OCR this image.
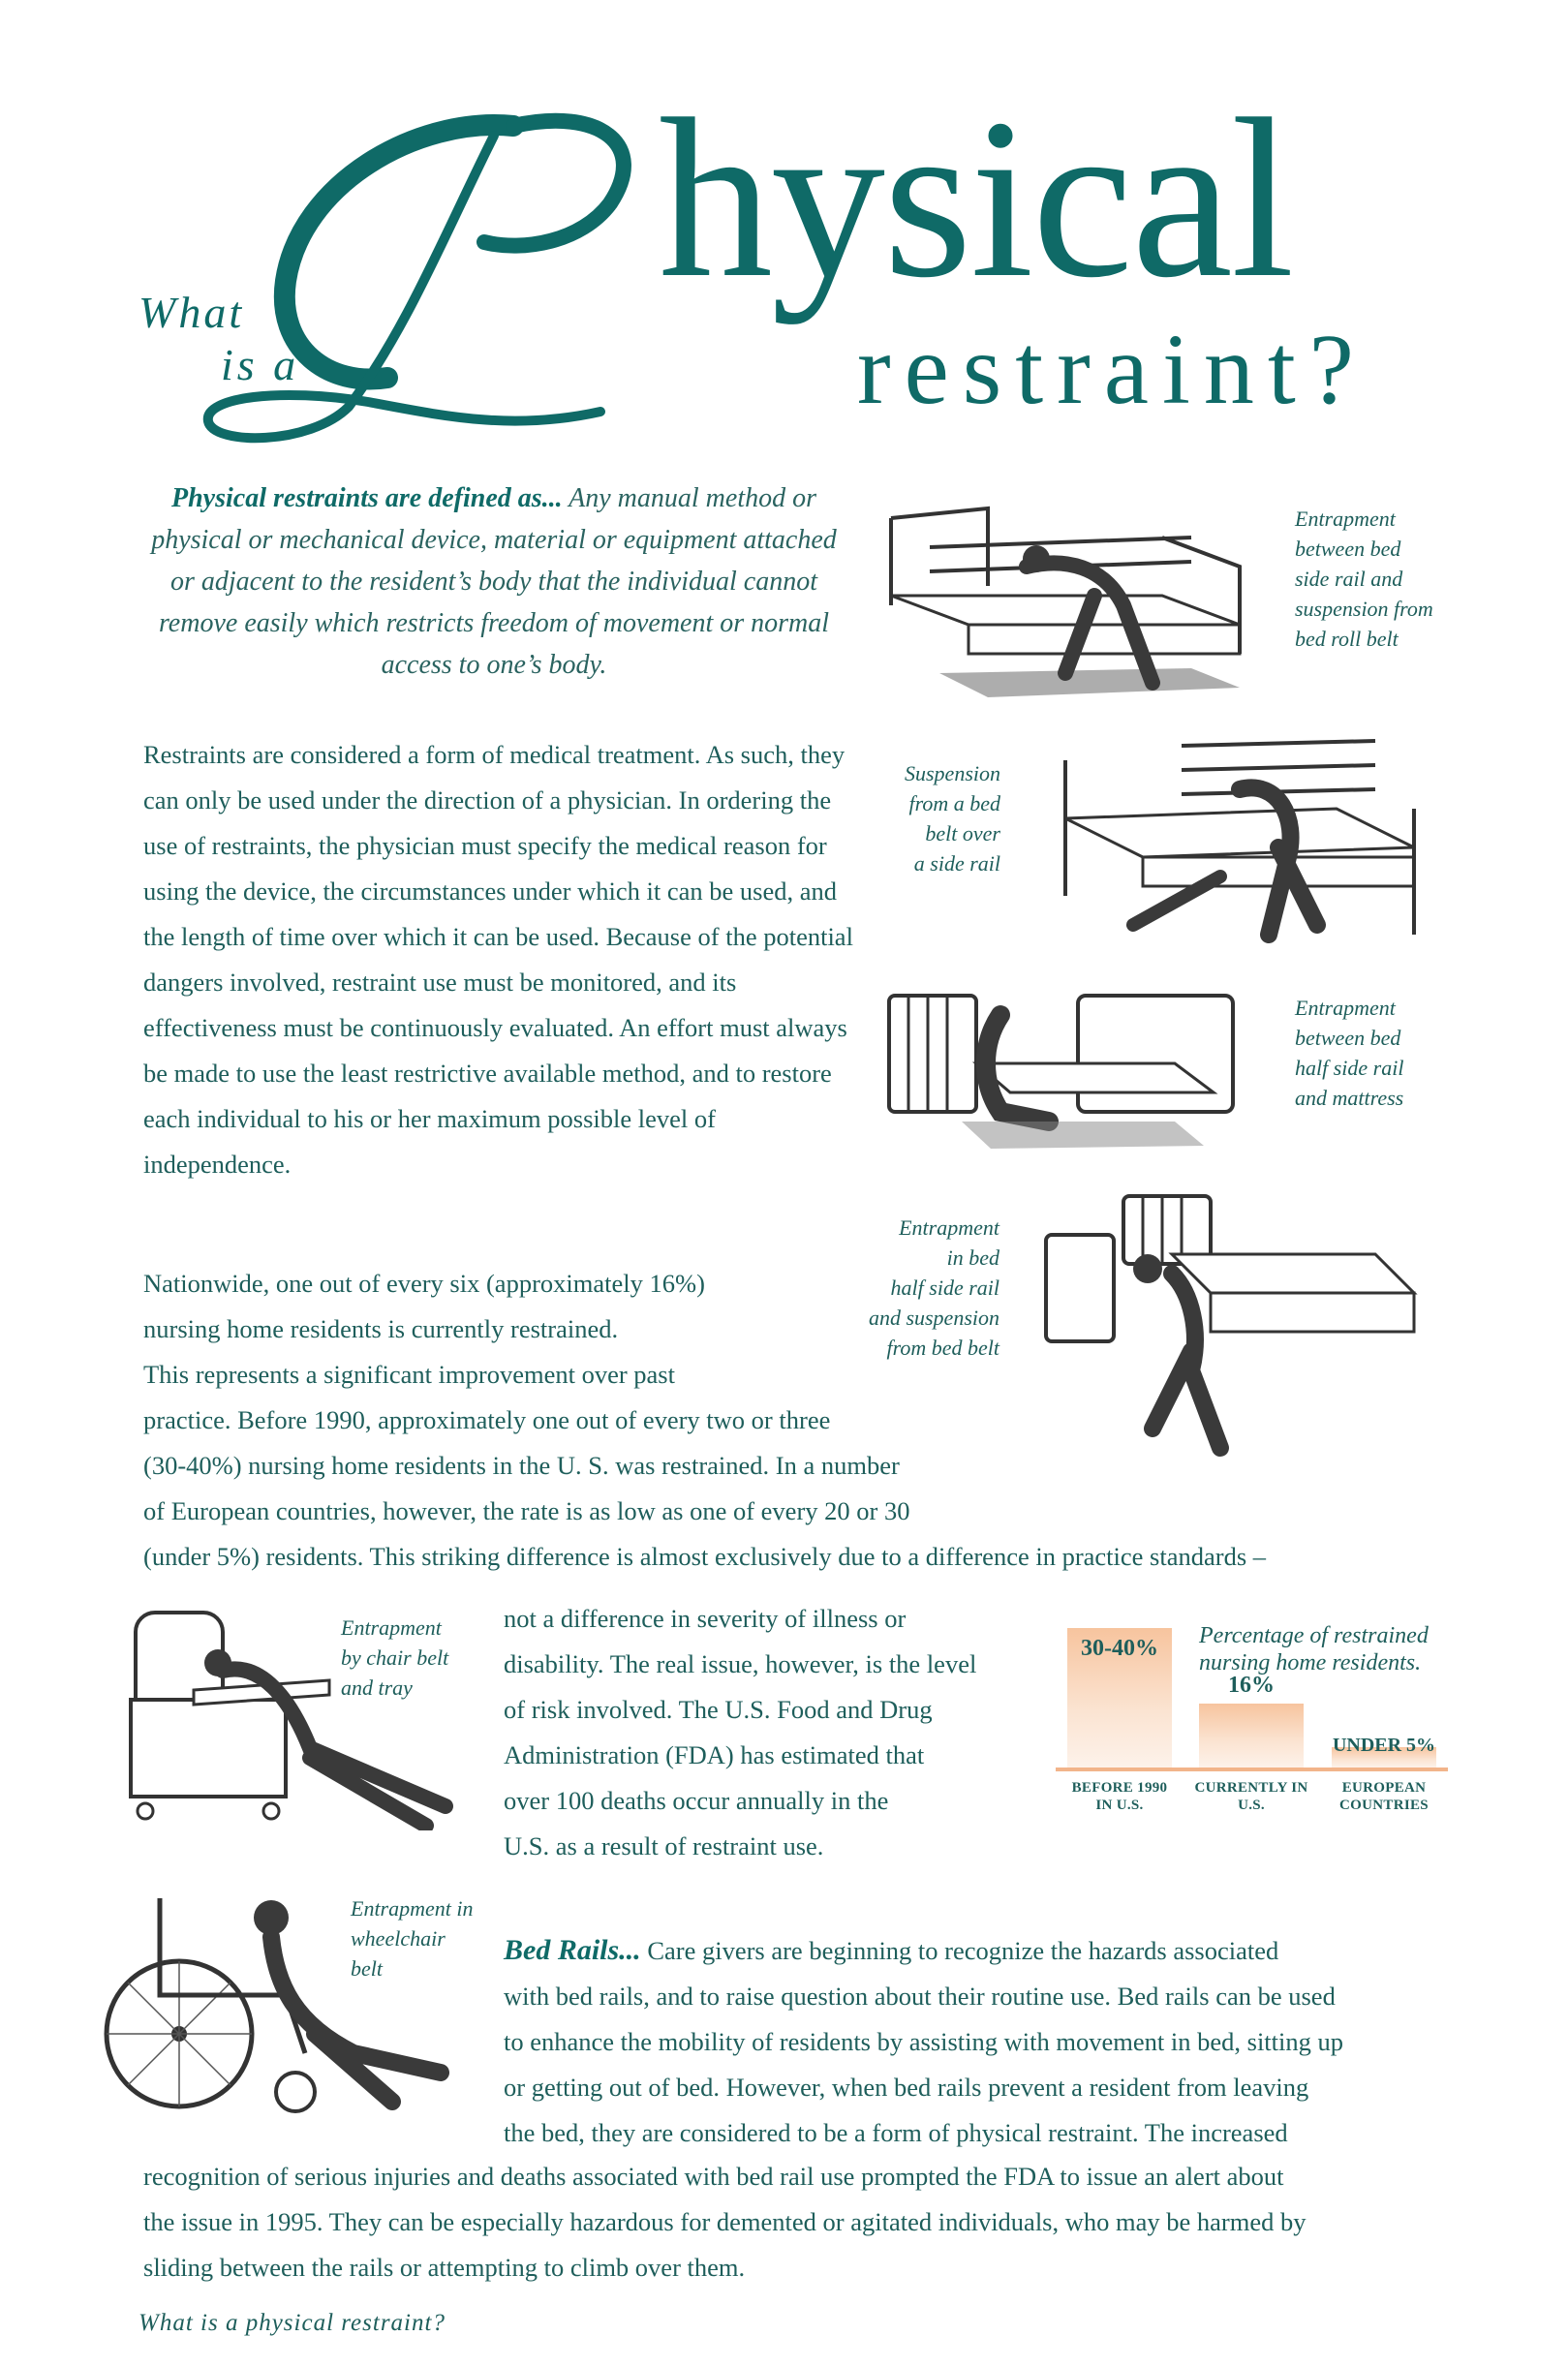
What
is a
hysical
restraint?
Physical restraints are defined as... Any manual method or physical or mechanical device, material or equipment attached or adjacent to the resident’s body that the individual cannot remove easily which restricts freedom of movement or normal access to one’s body.
Restraints are considered a form of medical treatment. As such, they can only be used under the direction of a physician. In ordering the use of restraints, the physician must specify the medical reason for using the device, the circumstances under which it can be used, and the length of time over which it can be used. Because of the potential dangers involved, restraint use must be monitored, and its effectiveness must be continuously evaluated. An effort must always be made to use the least restrictive available method, and to restore each individual to his or her maximum possible level of independence.
Nationwide, one out of every six (approximately 16%)
nursing home residents is currently restrained.
This represents a significant improvement over past
practice. Before 1990, approximately one out of every two or three
(30-40%) nursing home residents in the U. S. was restrained. In a number
of European countries, however, the rate is as low as one of every 20 or 30
(under 5%) residents. This striking difference is almost exclusively due to a difference in practice standards –
not a difference in severity of illness or
disability. The real issue, however, is the level
of risk involved. The U.S. Food and Drug
Administration (FDA) has estimated that
over 100 deaths occur annually in the
U.S. as a result of restraint use.
Bed Rails... Care givers are beginning to recognize the hazards associated
with bed rails, and to raise question about their routine use. Bed rails can be used
to enhance the mobility of residents by assisting with movement in bed, sitting up
or getting out of bed. However, when bed rails prevent a resident from leaving
the bed, they are considered to be a form of physical restraint. The increased
recognition of serious injuries and deaths associated with bed rail use prompted the FDA to issue an alert about
the issue in 1995. They can be especially hazardous for demented or agitated individuals, who may be harmed by
sliding between the rails or attempting to climb over them.
Entrapment
between bed
side rail and
suspension from
bed roll belt
Suspension
from a bed
belt over
a side rail
Entrapment
between bed
half side rail
and mattress
Entrapment
in bed
half side rail
and suspension
from bed belt
Entrapment
by chair belt
and tray
Entrapment in
wheelchair
belt
30-40%
BEFORE 1990 IN U.S.
16%
CURRENTLY IN U.S.
UNDER 5%
EUROPEAN COUNTRIES
Percentage of restrained nursing home residents.
What is a physical restraint?
